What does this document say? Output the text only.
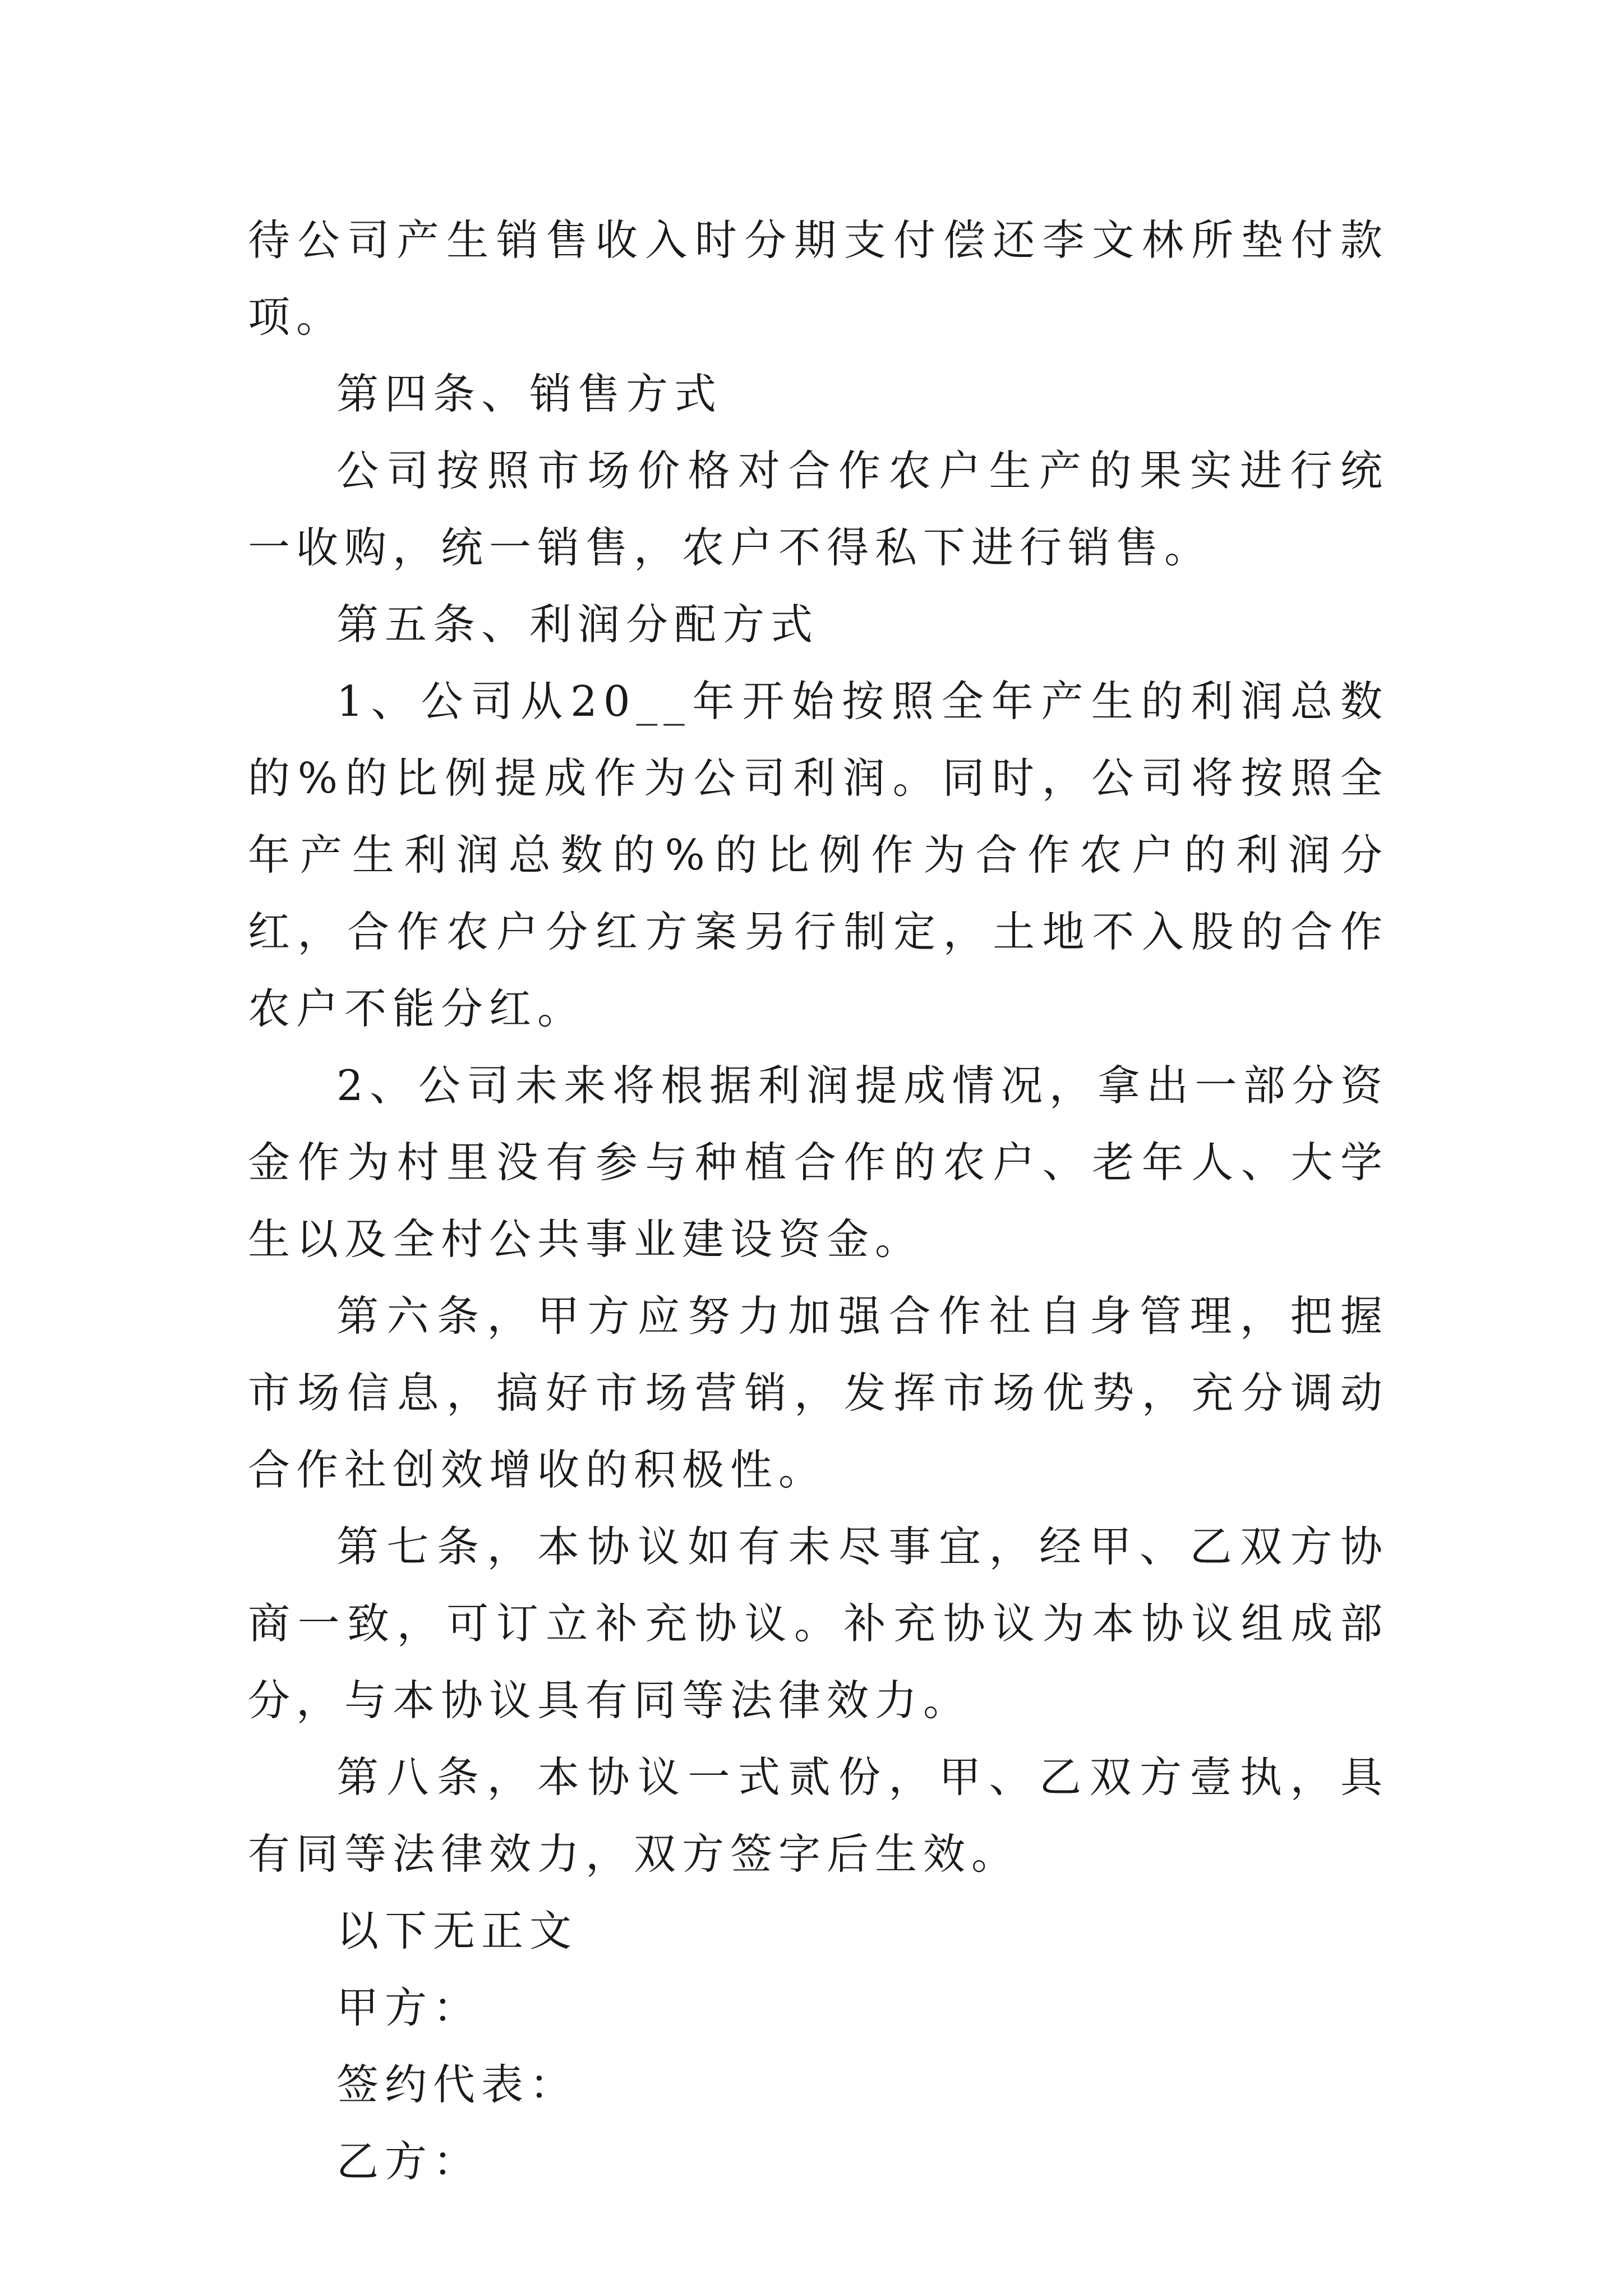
待公司产生销售收入时分期支付偿还李文林所垫付款项。

第四条、销售方式

公司按照市场价格对合作农户生产的果实进行统一收购，统一销售，农户不得私下进行销售。

第五条、利润分配方式

1、公司从20__年开始按照全年产生的利润总数的%的比例提成作为公司利润。同时，公司将按照全年产生利润总数的%的比例作为合作农户的利润分红，合作农户分红方案另行制定，土地不入股的合作农户不能分红。

2、公司未来将根据利润提成情况，拿出一部分资金作为村里没有参与种植合作的农户、老年人、大学生以及全村公共事业建设资金。

第六条，甲方应努力加强合作社自身管理，把握市场信息，搞好市场营销，发挥市场优势，充分调动合作社创效增收的积极性。

第七条，本协议如有未尽事宜，经甲、乙双方协商一致，可订立补充协议。补充协议为本协议组成部分，与本协议具有同等法律效力。

第八条，本协议一式贰份，甲、乙双方壹执，具有同等法律效力，双方签字后生效。

以下无正文

甲方：

签约代表：

乙方：
